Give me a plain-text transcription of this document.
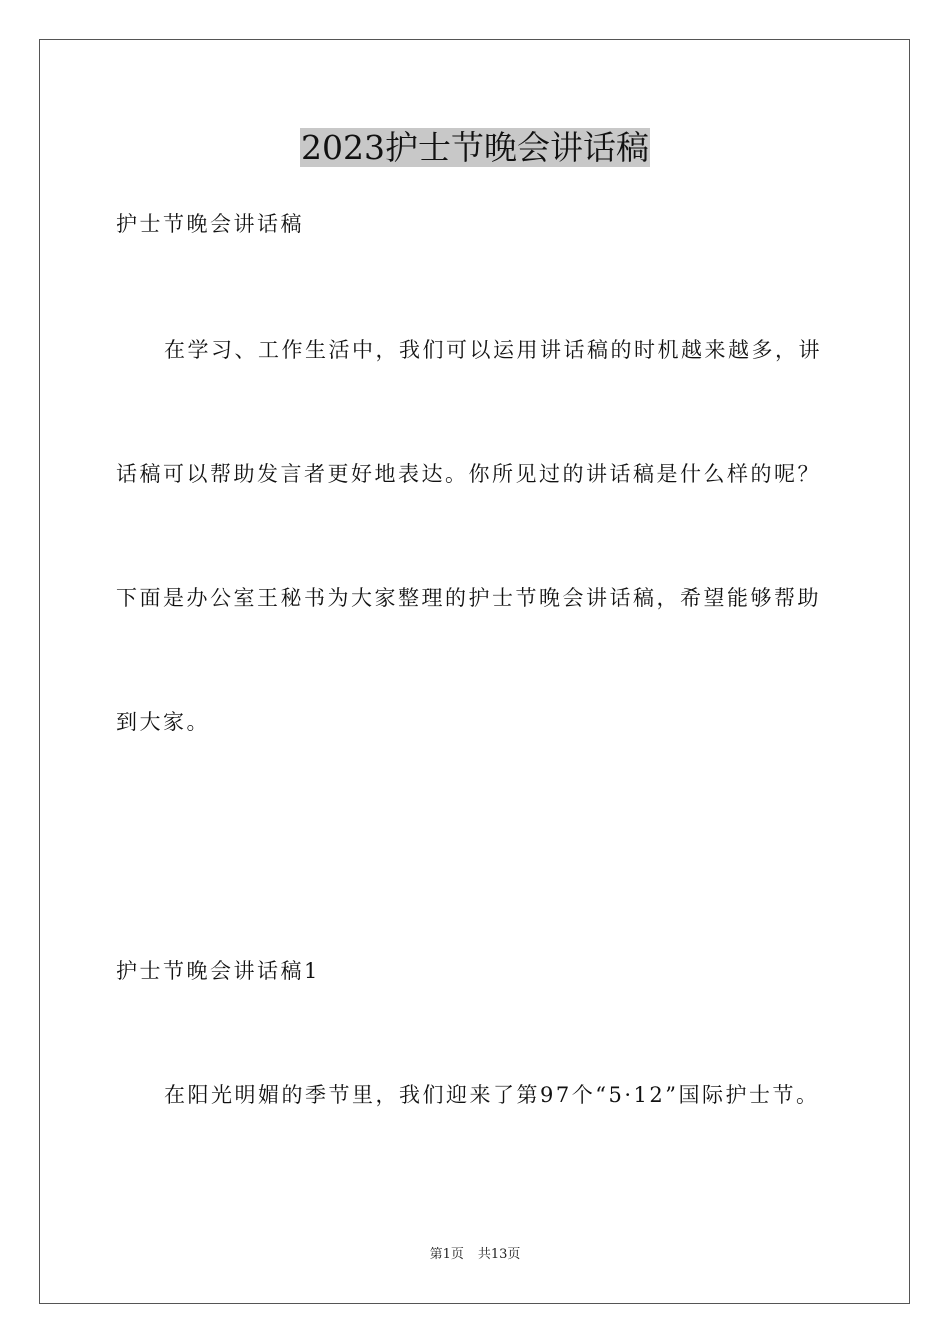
2023护士节晚会讲话稿

护士节晚会讲话稿

在学习、工作生活中，我们可以运用讲话稿的时机越来越多，讲

话稿可以帮助发言者更好地表达。你所见过的讲话稿是什么样的呢？

下面是办公室王秘书为大家整理的护士节晚会讲话稿，希望能够帮助

到大家。

护士节晚会讲话稿1

在阳光明媚的季节里，我们迎来了第97个“5·12”国际护士节。

第1页 共13页
